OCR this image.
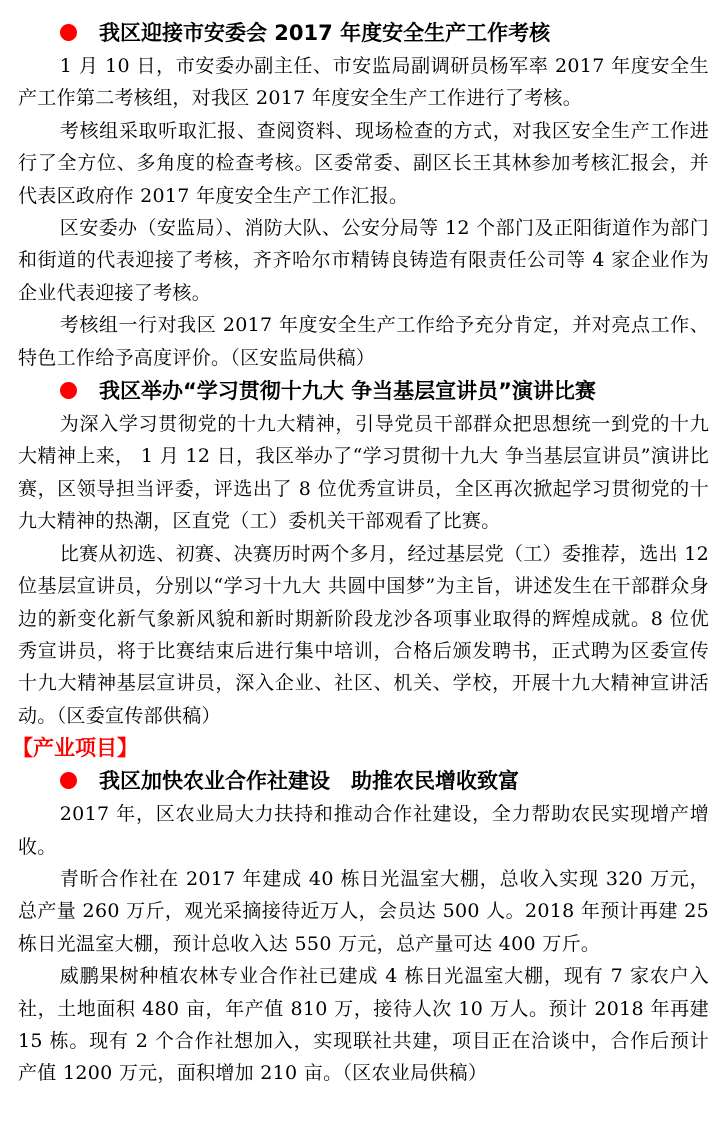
我区迎接市安委会 2017 年度安全生产工作考核

1 月 10 日，市安委办副主任、市安监局副调研员杨军率 2017 年度安全生产工作第二考核组，对我区 2017 年度安全生产工作进行了考核。

考核组采取听取汇报、查阅资料、现场检查的方式，对我区安全生产工作进行了全方位、多角度的检查考核。区委常委、副区长王其林参加考核汇报会，并代表区政府作 2017 年度安全生产工作汇报。

区安委办（安监局）、消防大队、公安分局等 12 个部门及正阳街道作为部门和街道的代表迎接了考核，齐齐哈尔市精铸良铸造有限责任公司等 4 家企业作为企业代表迎接了考核。

考核组一行对我区 2017 年度安全生产工作给予充分肯定，并对亮点工作、特色工作给予高度评价。（区安监局供稿）

我区举办“学习贯彻十九大 争当基层宣讲员”演讲比赛

为深入学习贯彻党的十九大精神，引导党员干部群众把思想统一到党的十九大精神上来， 1 月 12 日，我区举办了“学习贯彻十九大 争当基层宣讲员”演讲比赛，区领导担当评委，评选出了 8 位优秀宣讲员，全区再次掀起学习贯彻党的十九大精神的热潮，区直党（工）委机关干部观看了比赛。

比赛从初选、初赛、决赛历时两个多月，经过基层党（工）委推荐，选出 12 位基层宣讲员，分别以“学习十九大 共圆中国梦”为主旨，讲述发生在干部群众身边的新变化新气象新风貌和新时期新阶段龙沙各项事业取得的辉煌成就。8 位优秀宣讲员，将于比赛结束后进行集中培训，合格后颁发聘书，正式聘为区委宣传十九大精神基层宣讲员，深入企业、社区、机关、学校，开展十九大精神宣讲活动。（区委宣传部供稿）

【产业项目】
我区加快农业合作社建设　助推农民增收致富

2017 年，区农业局大力扶持和推动合作社建设，全力帮助农民实现增产增收。

青昕合作社在 2017 年建成 40 栋日光温室大棚，总收入实现 320 万元，总产量 260 万斤，观光采摘接待近万人，会员达 500 人。2018 年预计再建 25 栋日光温室大棚，预计总收入达 550 万元，总产量可达 400 万斤。

威鹏果树种植农林专业合作社已建成 4 栋日光温室大棚，现有 7 家农户入社，土地面积 480 亩，年产值 810 万，接待人次 10 万人。预计 2018 年再建 15 栋。现有 2 个合作社想加入，实现联社共建，项目正在洽谈中，合作后预计产值 1200 万元，面积增加 210 亩。（区农业局供稿）
